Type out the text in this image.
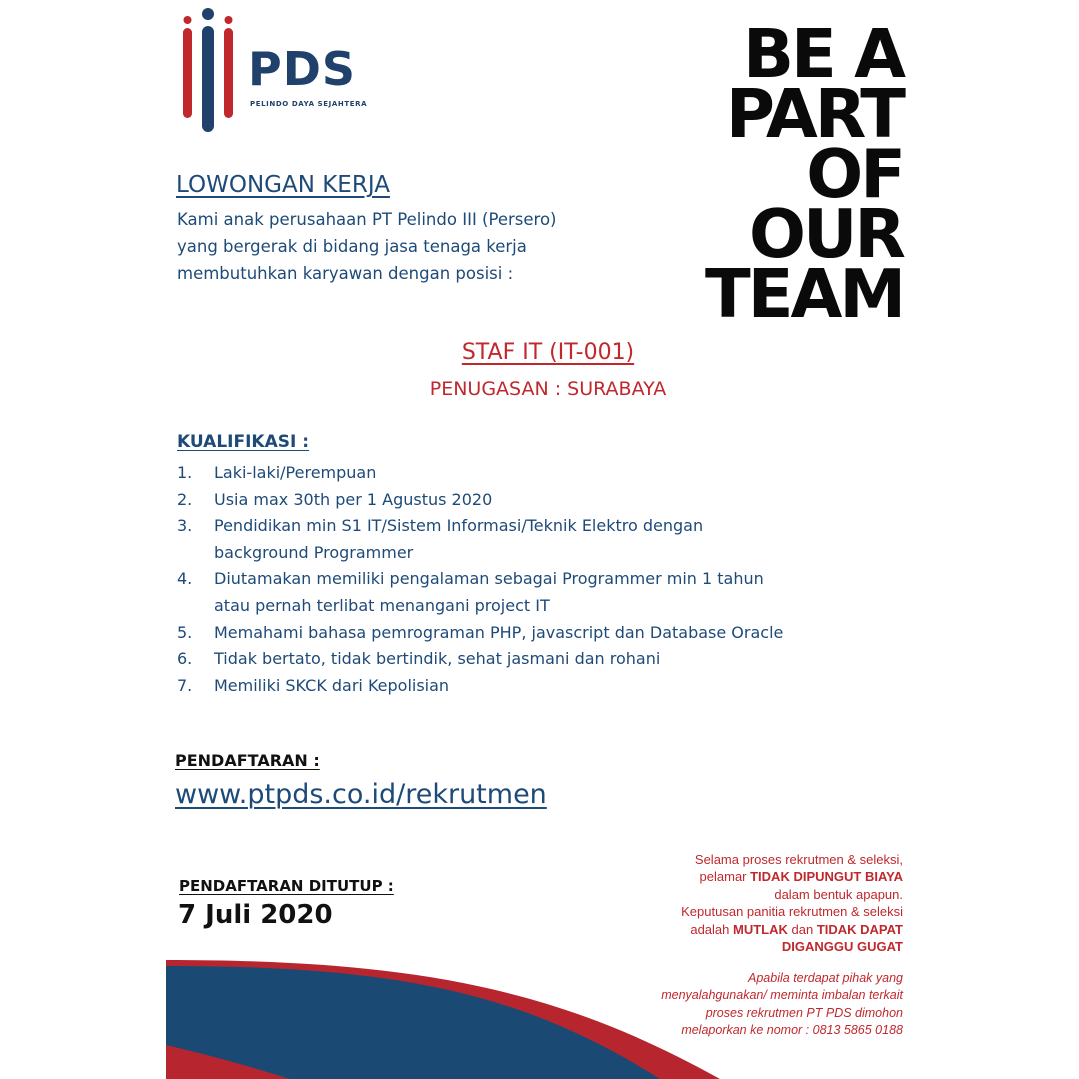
PDS
PELINDO DAYA SEJAHTERA
BE A
PART
OF
OUR
TEAM
LOWONGAN KERJA
Kami anak perusahaan PT Pelindo III (Persero)
yang bergerak di bidang jasa tenaga kerja
membutuhkan karyawan dengan posisi :
STAF IT (IT-001)
PENUGASAN : SURABAYA
KUALIFIKASI :
1.	Laki-laki/Perempuan
2.	Usia max 30th per 1 Agustus 2020
3.	Pendidikan min S1 IT/Sistem Informasi/Teknik Elektro dengan
background Programmer
4.	Diutamakan memiliki pengalaman sebagai Programmer min 1 tahun
atau pernah terlibat menangani project IT
5.	Memahami bahasa pemrograman PHP, javascript dan Database Oracle
6.	Tidak bertato, tidak bertindik, sehat jasmani dan rohani
7.	Memiliki SKCK dari Kepolisian
PENDAFTARAN :
www.ptpds.co.id/rekrutmen
PENDAFTARAN DITUTUP :
7 Juli 2020
Selama proses rekrutmen & seleksi,
pelamar TIDAK DIPUNGUT BIAYA
dalam bentuk apapun.
Keputusan panitia rekrutmen & seleksi
adalah MUTLAK dan TIDAK DAPAT
DIGANGGU GUGAT
Apabila terdapat pihak yang
menyalahgunakan/ meminta imbalan terkait
proses rekrutmen PT PDS dimohon
melaporkan ke nomor : 0813 5865 0188
